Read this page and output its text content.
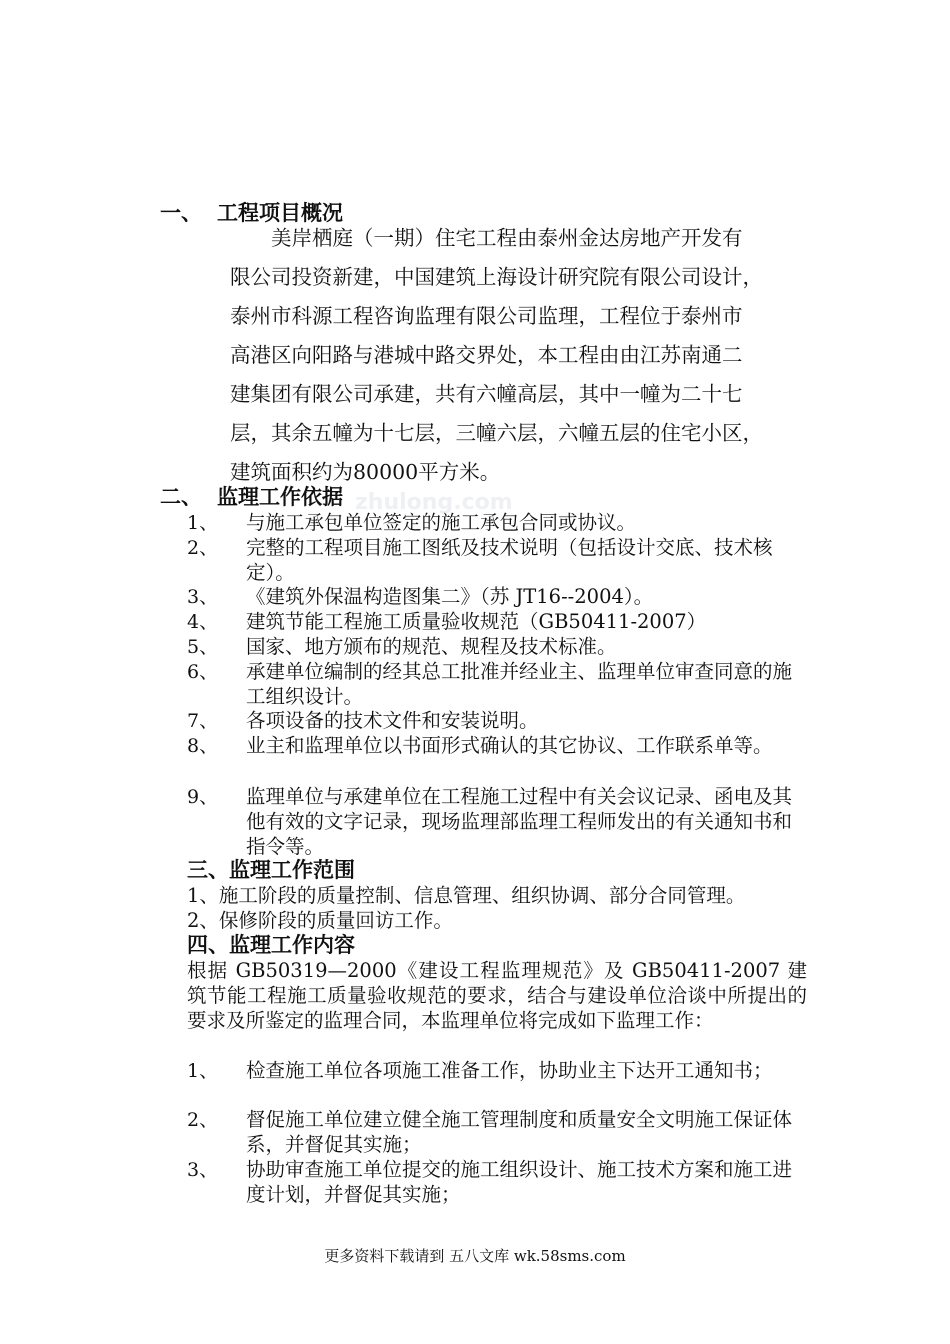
zhulong.com
一、 工程项目概况
美岸栖庭（一期）住宅工程由泰州金达房地产开发有
限公司投资新建，中国建筑上海设计研究院有限公司设计，
泰州市科源工程咨询监理有限公司监理，工程位于泰州市
高港区向阳路与港城中路交界处，本工程由由江苏南通二
建集团有限公司承建，共有六幢高层，其中一幢为二十七
层，其余五幢为十七层，三幢六层，六幢五层的住宅小区，
建筑面积约为80000平方米。
二、 监理工作依据
1、 与施工承包单位签定的施工承包合同或协议。
2、 完整的工程项目施工图纸及技术说明（包括设计交底、技术核定）。
3、 《建筑外保温构造图集二》（苏 JT16--2004）。
4、 建筑节能工程施工质量验收规范（GB50411-2007）
5、 国家、地方颁布的规范、规程及技术标准。
6、 承建单位编制的经其总工批准并经业主、监理单位审查同意的施工组织设计。
7、 各项设备的技术文件和安装说明。
8、 业主和监理单位以书面形式确认的其它协议、工作联系单等。
9、 监理单位与承建单位在工程施工过程中有关会议记录、函电及其他有效的文字记录，现场监理部监理工程师发出的有关通知书和指令等。
三、监理工作范围
1、施工阶段的质量控制、信息管理、组织协调、部分合同管理。
2、保修阶段的质量回访工作。
四、监理工作内容
根据 GB50319—2000《建设工程监理规范》及 GB50411-2007 建筑节能工程施工质量验收规范的要求，结合与建设单位洽谈中所提出的要求及所鉴定的监理合同，本监理单位将完成如下监理工作：
1、 检查施工单位各项施工准备工作，协助业主下达开工通知书；
2、 督促施工单位建立健全施工管理制度和质量安全文明施工保证体系，并督促其实施；
3、 协助审查施工单位提交的施工组织设计、施工技术方案和施工进度计划，并督促其实施；
更多资料下载请到 五八文库 wk.58sms.com
